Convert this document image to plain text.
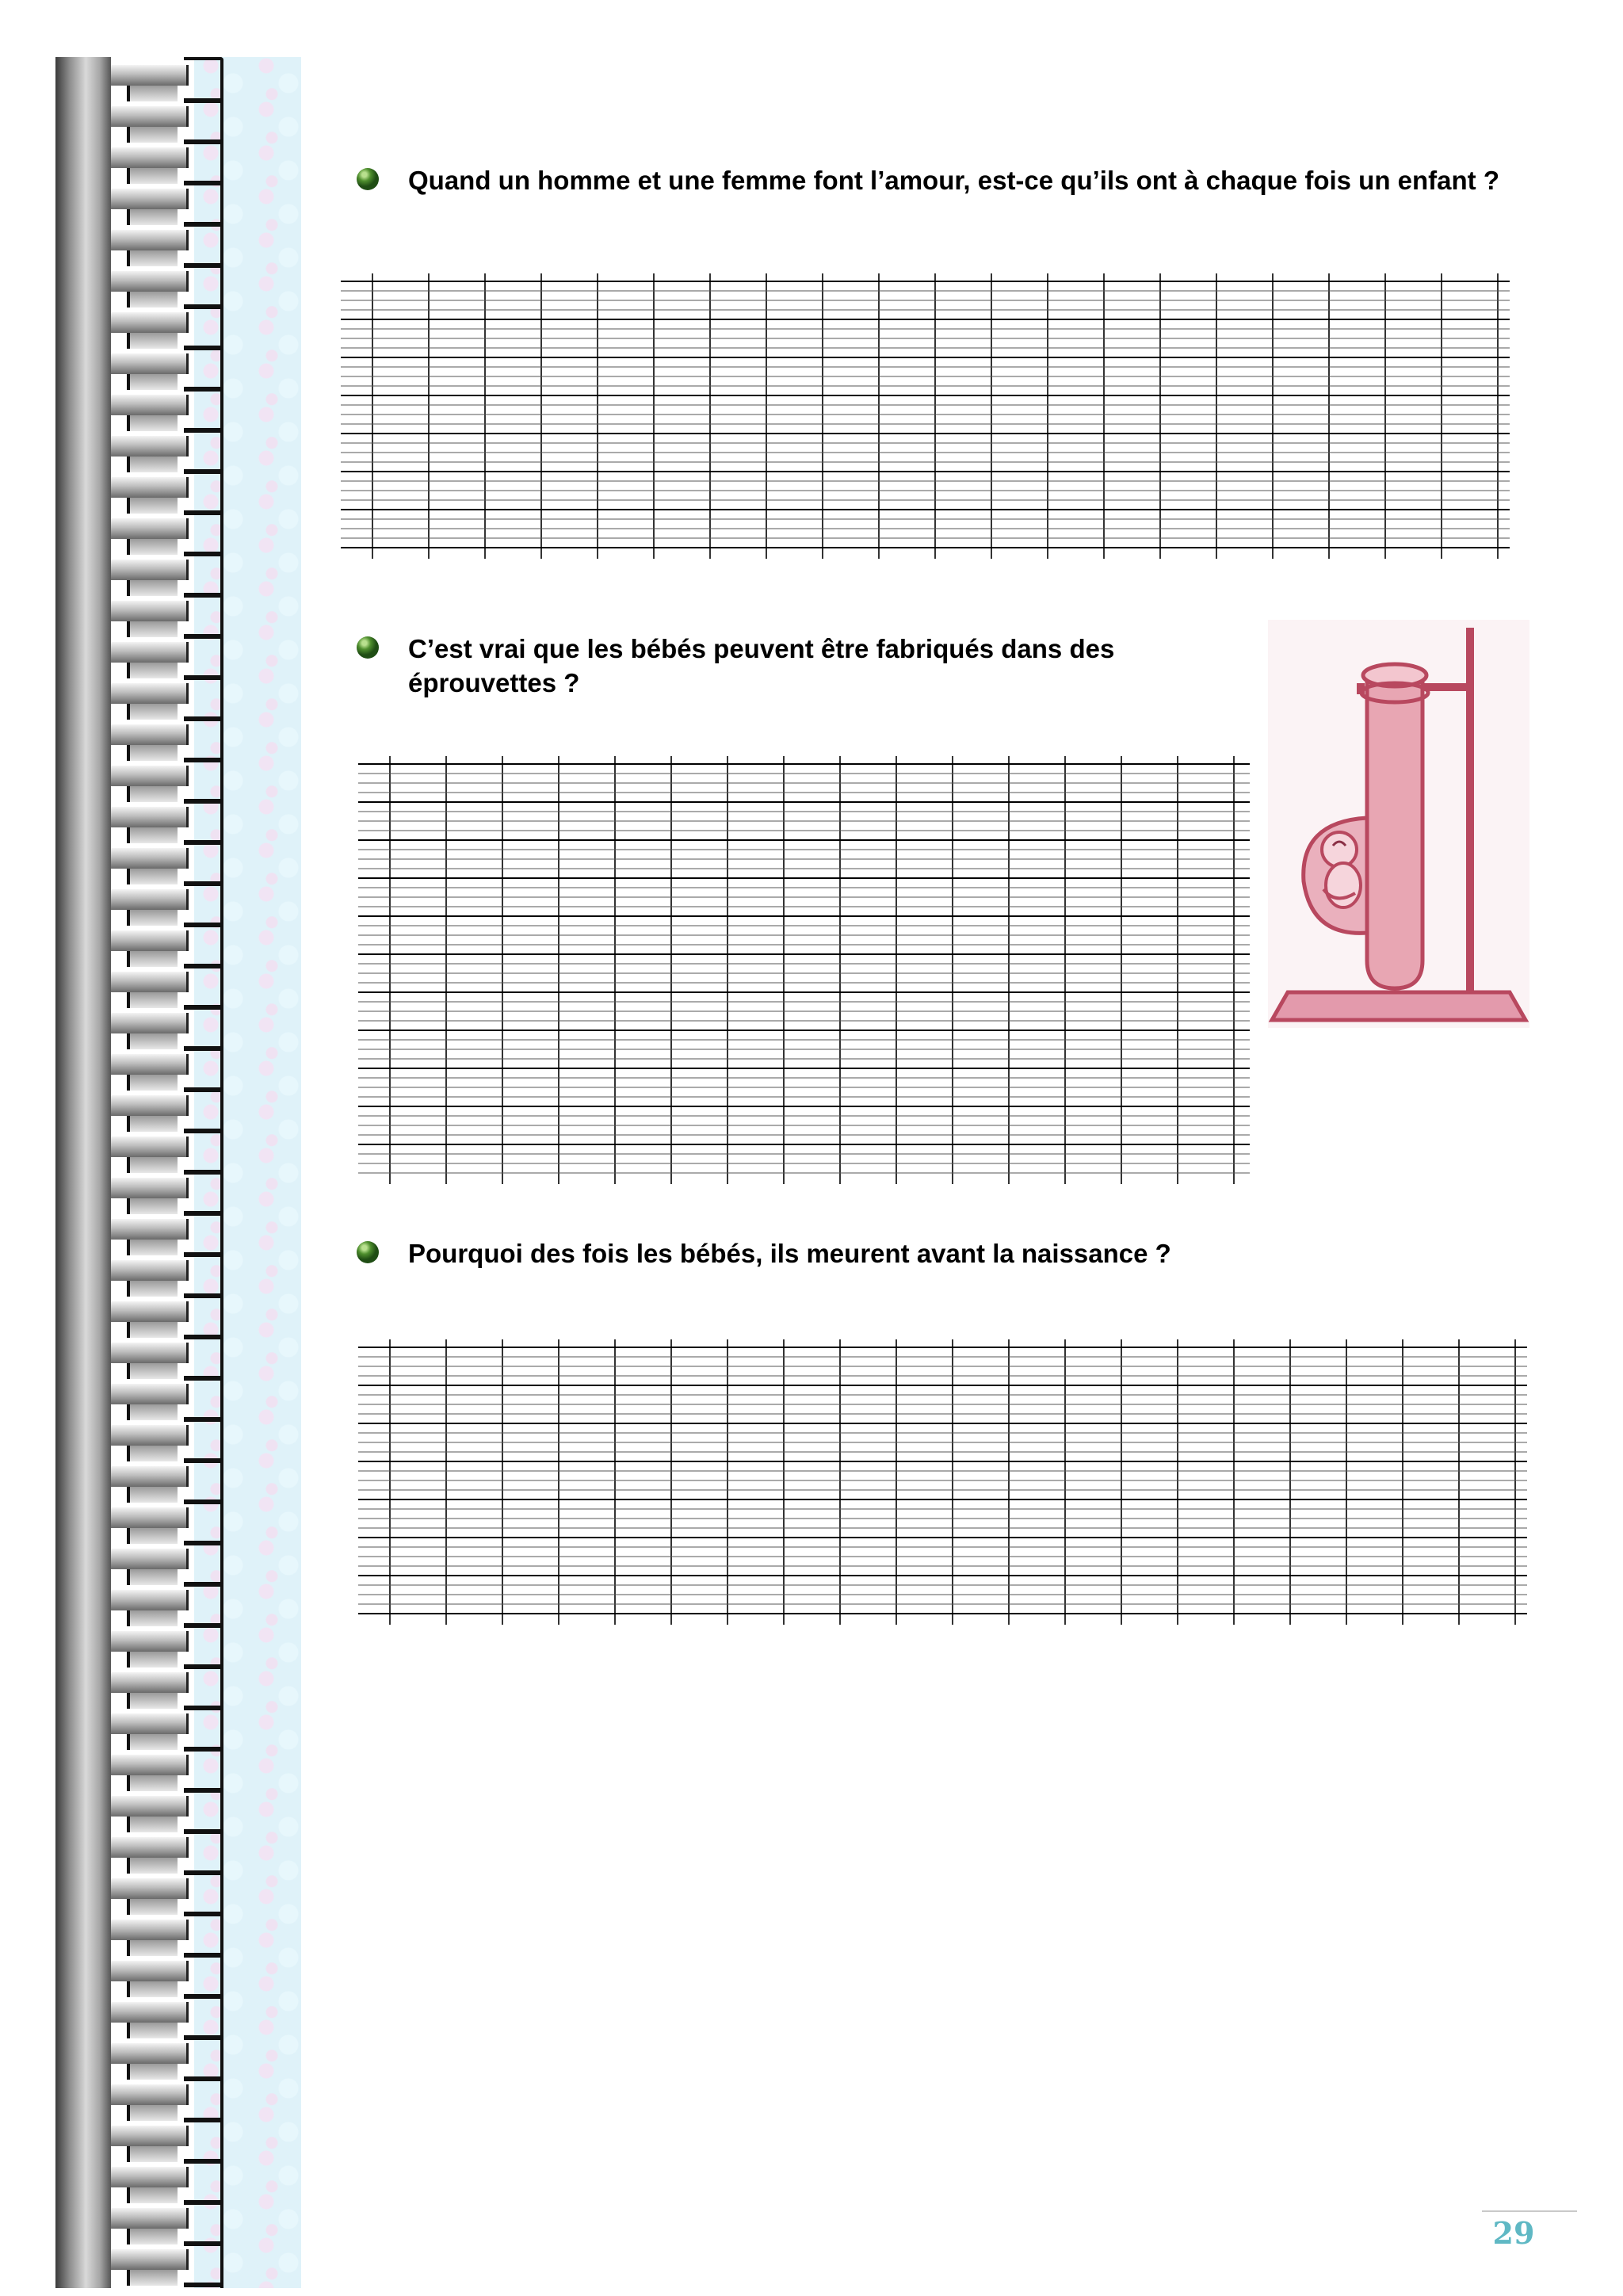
Quand un homme et une femme font l’amour, est-ce qu’ils ont à chaque fois un enfant ?
C’est vrai que les bébés peuvent être fabriqués dans des éprouvettes ?
Pourquoi des fois les bébés, ils meurent avant la naissance ?
29
